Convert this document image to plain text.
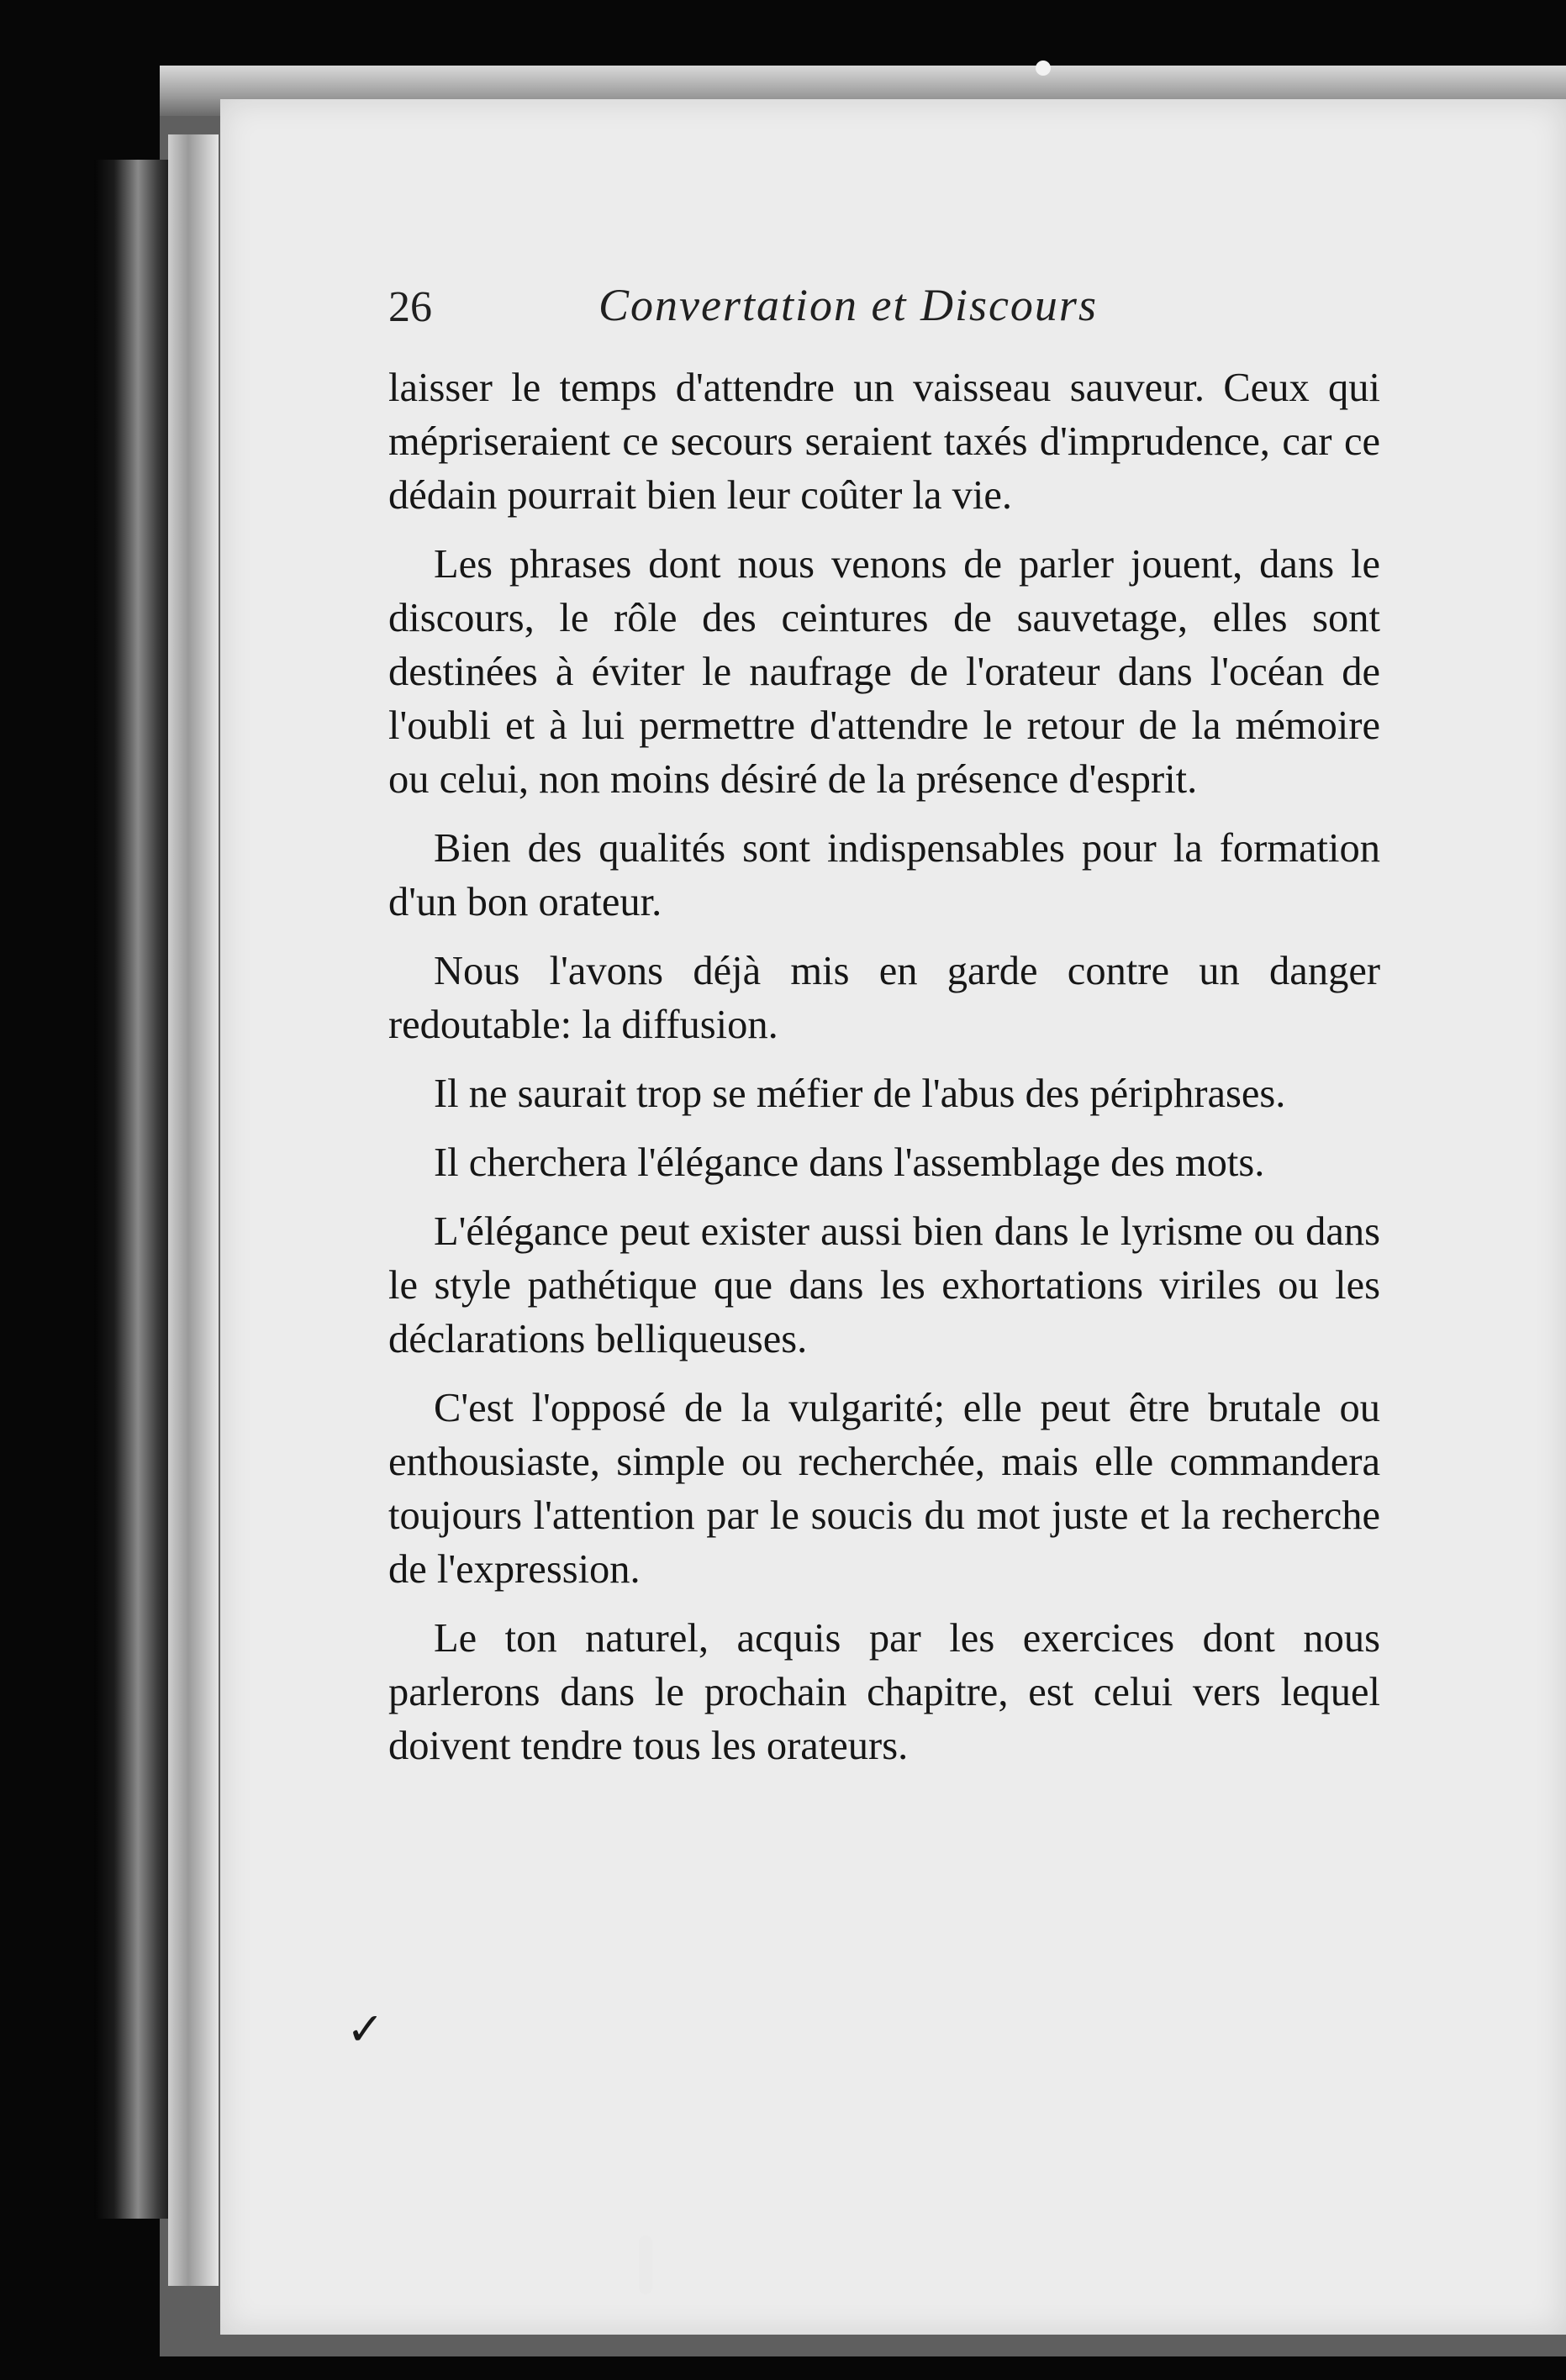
26	Convertation et Discours

laisser le temps d'attendre un vaisseau sauveur. Ceux qui mépriseraient ce secours seraient taxés d'imprudence, car ce dédain pourrait bien leur coûter la vie.

Les phrases dont nous venons de parler jouent, dans le discours, le rôle des ceintures de sauvetage, elles sont destinées à éviter le naufrage de l'orateur dans l'océan de l'oubli et à lui permettre d'attendre le retour de la mémoire ou celui, non moins désiré de la présence d'esprit.

Bien des qualités sont indispensables pour la formation d'un bon orateur.

Nous l'avons déjà mis en garde contre un danger redoutable: la diffusion.

Il ne saurait trop se méfier de l'abus des périphrases.

Il cherchera l'élégance dans l'assemblage des mots.

L'élégance peut exister aussi bien dans le lyrisme ou dans le style pathétique que dans les exhortations viriles ou les déclarations belliqueuses.

C'est l'opposé de la vulgarité; elle peut être brutale ou enthousiaste, simple ou recherchée, mais elle commandera toujours l'attention par le soucis du mot juste et la recherche de l'expression.

Le ton naturel, acquis par les exercices dont nous parlerons dans le prochain chapitre, est celui vers lequel doivent tendre tous les orateurs.

✓
